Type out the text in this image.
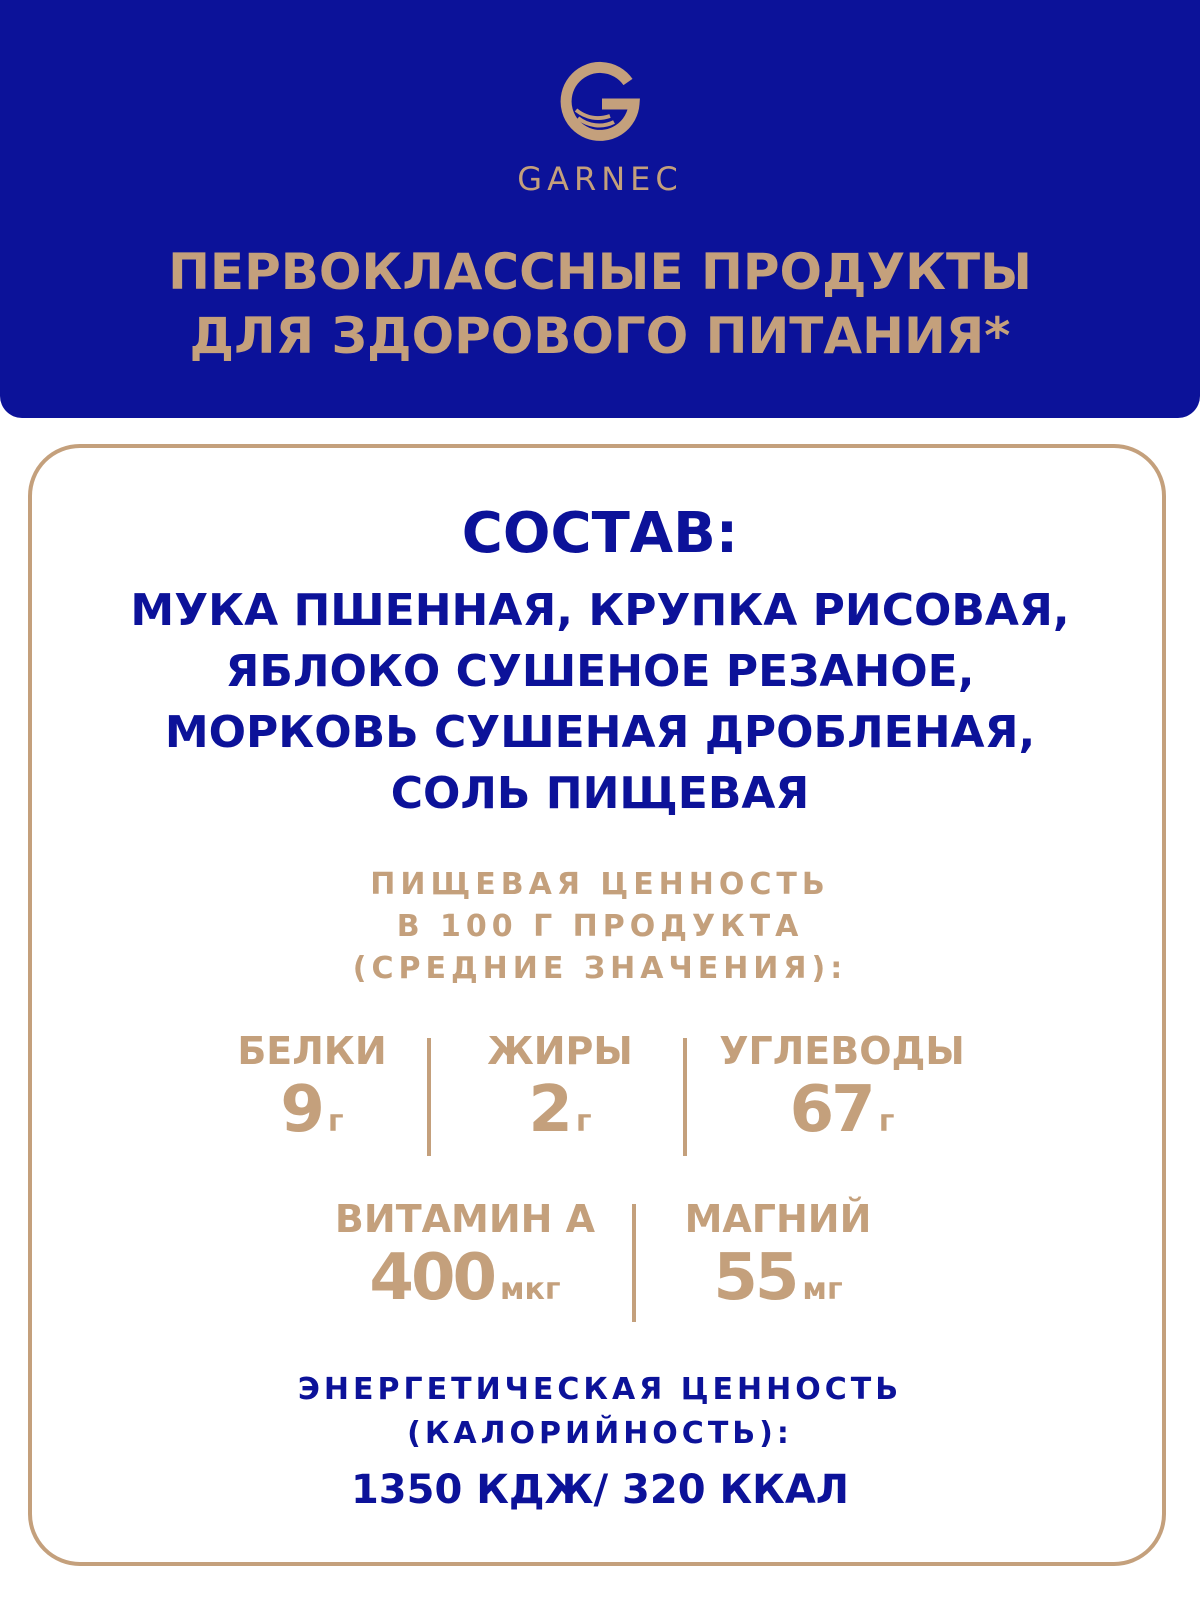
GARNEC
ПЕРВОКЛАССНЫЕ ПРОДУКТЫ
ДЛЯ ЗДОРОВОГО ПИТАНИЯ*
СОСТАВ:
МУКА ПШЕННАЯ, КРУПКА РИСОВАЯ,
ЯБЛОКО СУШЕНОЕ РЕЗАНОЕ,
МОРКОВЬ СУШЕНАЯ ДРОБЛЕНАЯ,
СОЛЬ ПИЩЕВАЯ
ПИЩЕВАЯ ЦЕННОСТЬ
В 100 Г ПРОДУКТА
(СРЕДНИЕ ЗНАЧЕНИЯ):
БЕЛКИ
9 г
ЖИРЫ
2 г
УГЛЕВОДЫ
67 г
ВИТАМИН А
400 мкг
МАГНИЙ
55 мг
ЭНЕРГЕТИЧЕСКАЯ ЦЕННОСТЬ
(КАЛОРИЙНОСТЬ):
1350 КДЖ/ 320 ККАЛ
